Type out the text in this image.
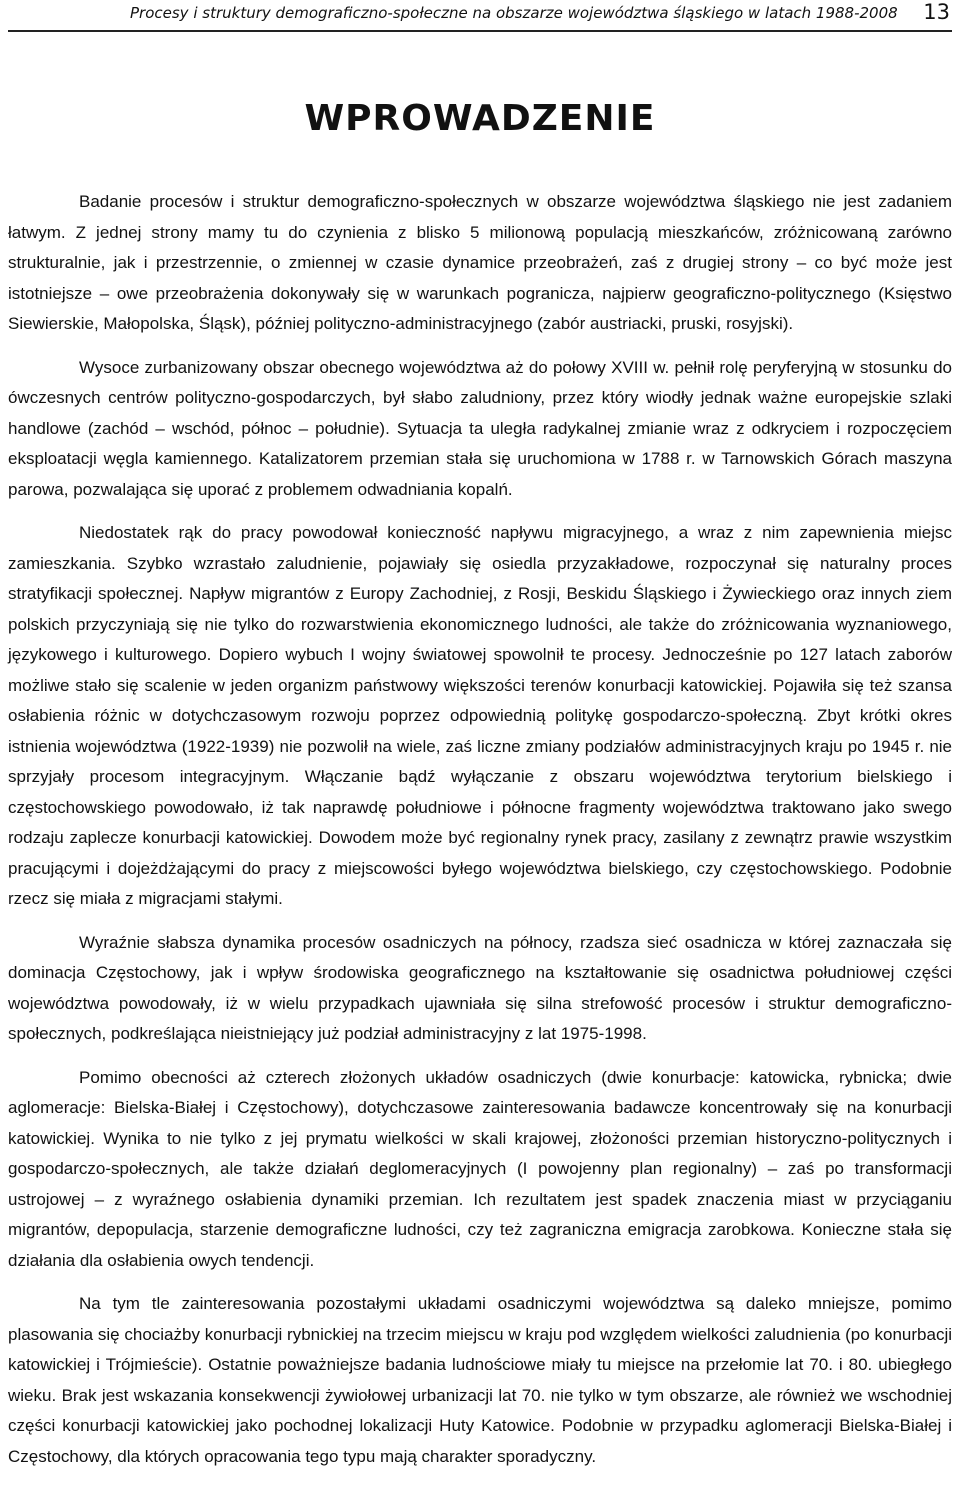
Procesy i struktury demograficzno-społeczne na obszarze województwa śląskiego w latach 1988-2008 13
WPROWADZENIE

Badanie procesów i struktur demograficzno-społecznych w obszarze województwa śląskiego nie jest zadaniem łatwym. Z jednej strony mamy tu do czynienia z blisko 5 milionową populacją mieszkańców, zróżnicowaną zarówno strukturalnie, jak i przestrzennie, o zmiennej w czasie dynamice przeobrażeń, zaś z drugiej strony – co być może jest istotniejsze – owe przeobrażenia dokonywały się w warunkach pogranicza, najpierw geograficzno-politycznego (Księstwo Siewierskie, Małopolska, Śląsk), później polityczno-administracyjnego (zabór austriacki, pruski, rosyjski).

Wysoce zurbanizowany obszar obecnego województwa aż do połowy XVIII w. pełnił rolę peryferyjną w stosunku do ówczesnych centrów polityczno-gospodarczych, był słabo zaludniony, przez który wiodły jednak ważne europejskie szlaki handlowe (zachód – wschód, północ – południe). Sytuacja ta uległa radykalnej zmianie wraz z odkryciem i rozpoczęciem eksploatacji węgla kamiennego. Katalizatorem przemian stała się uruchomiona w 1788 r. w Tarnowskich Górach maszyna parowa, pozwalająca się uporać z problemem odwadniania kopalń.

Niedostatek rąk do pracy powodował konieczność napływu migracyjnego, a wraz z nim zapewnienia miejsc zamieszkania. Szybko wzrastało zaludnienie, pojawiały się osiedla przyzakładowe, rozpoczynał się naturalny proces stratyfikacji społecznej. Napływ migrantów z Europy Zachodniej, z Rosji, Beskidu Śląskiego i Żywieckiego oraz innych ziem polskich przyczyniają się nie tylko do rozwarstwienia ekonomicznego ludności, ale także do zróżnicowania wyznaniowego, językowego i kulturowego. Dopiero wybuch I wojny światowej spowolnił te procesy. Jednocześnie po 127 latach zaborów możliwe stało się scalenie w jeden organizm państwowy większości terenów konurbacji katowickiej. Pojawiła się też szansa osłabienia różnic w dotychczasowym rozwoju poprzez odpowiednią politykę gospodarczo-społeczną. Zbyt krótki okres istnienia województwa (1922-1939) nie pozwolił na wiele, zaś liczne zmiany podziałów administracyjnych kraju po 1945 r. nie sprzyjały procesom integracyjnym. Włączanie bądź wyłączanie z obszaru województwa terytorium bielskiego i częstochowskiego powodowało, iż tak naprawdę południowe i północne fragmenty województwa traktowano jako swego rodzaju zaplecze konurbacji katowickiej. Dowodem może być regionalny rynek pracy, zasilany z zewnątrz prawie wszystkim pracującymi i dojeżdżającymi do pracy z miejscowości byłego województwa bielskiego, czy częstochowskiego. Podobnie rzecz się miała z migracjami stałymi.

Wyraźnie słabsza dynamika procesów osadniczych na północy, rzadsza sieć osadnicza w której zaznaczała się dominacja Częstochowy, jak i wpływ środowiska geograficznego na kształtowanie się osadnictwa południowej części województwa powodowały, iż w wielu przypadkach ujawniała się silna strefowość procesów i struktur demograficzno-społecznych, podkreślająca nieistniejący już podział administracyjny z lat 1975-1998.

Pomimo obecności aż czterech złożonych układów osadniczych (dwie konurbacje: katowicka, rybnicka; dwie aglomeracje: Bielska-Białej i Częstochowy), dotychczasowe zainteresowania badawcze koncentrowały się na konurbacji katowickiej. Wynika to nie tylko z jej prymatu wielkości w skali krajowej, złożoności przemian historyczno-politycznych i gospodarczo-społecznych, ale także działań deglomeracyjnych (I powojenny plan regionalny) – zaś po transformacji ustrojowej – z wyraźnego osłabienia dynamiki przemian. Ich rezultatem jest spadek znaczenia miast w przyciąganiu migrantów, depopulacja, starzenie demograficzne ludności, czy też zagraniczna emigracja zarobkowa. Konieczne stała się działania dla osłabienia owych tendencji.

Na tym tle zainteresowania pozostałymi układami osadniczymi województwa są daleko mniejsze, pomimo plasowania się chociażby konurbacji rybnickiej na trzecim miejscu w kraju pod względem wielkości zaludnienia (po konurbacji katowickiej i Trójmieście). Ostatnie poważniejsze badania ludnościowe miały tu miejsce na przełomie lat 70. i 80. ubiegłego wieku. Brak jest wskazania konsekwencji żywiołowej urbanizacji lat 70. nie tylko w tym obszarze, ale również we wschodniej części konurbacji katowickiej jako pochodnej lokalizacji Huty Katowice. Podobnie w przypadku aglomeracji Bielska-Białej i Częstochowy, dla których opracowania tego typu mają charakter sporadyczny.
